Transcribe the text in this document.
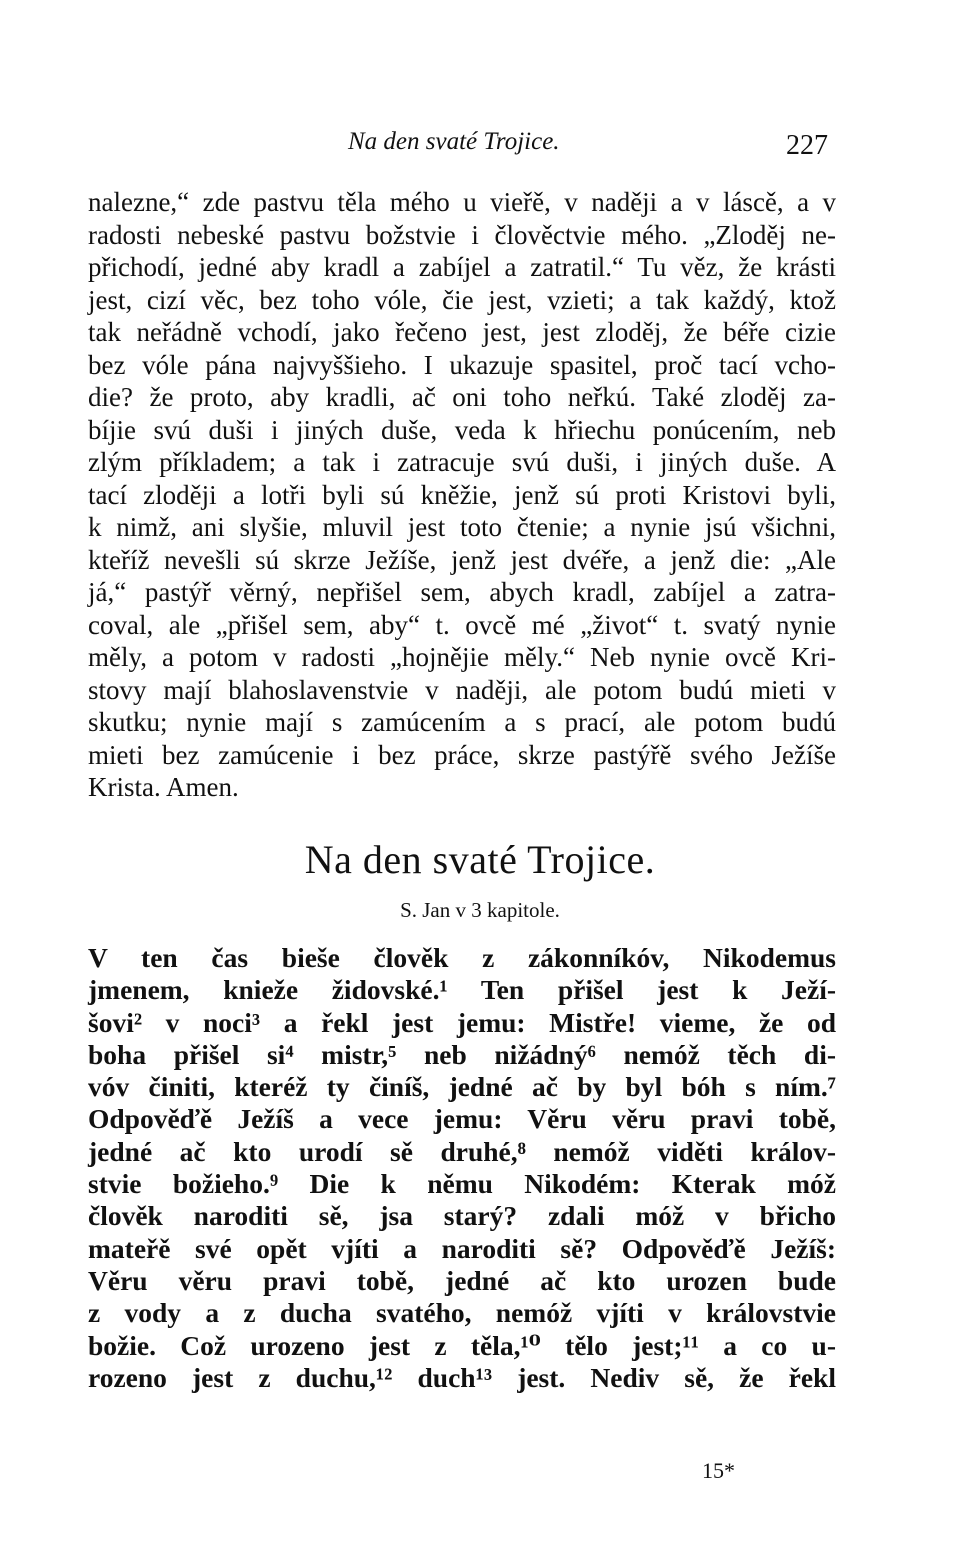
Na den svaté Trojice.	227
nalezne,“ zde pastvu těla mého u vieřě, v naději a v láscě, a v
radosti nebeské pastvu božstvie i člověctvie mého. „Zloděj ne-
přichodí, jedné aby kradl a zabíjel a zatratil.“ Tu věz, že krásti
jest, cizí věc, bez toho vóle, čie jest, vzieti; a tak každý, ktož
tak neřádně vchodí, jako řečeno jest, jest zloděj, že béře cizie
bez vóle pána najvyššieho. I ukazuje spasitel, proč tací vcho-
die? že proto, aby kradli, ač oni toho neřkú. Také zloděj za-
bíjie svú duši i jiných duše, veda k hřiechu ponúcením, neb
zlým příkladem; a tak i zatracuje svú duši, i jiných duše. A
tací zloději a lotři byli sú kněžie, jenž sú proti Kristovi byli,
k nimž, ani slyšie, mluvil jest toto čtenie; a nynie jsú všichni,
kteříž nevešli sú skrze Ježíše, jenž jest dvéře, a jenž die: „Ale
já,“ pastýř věrný, nepřišel sem, abych kradl, zabíjel a zatra-
coval, ale „přišel sem, aby“ t. ovcě mé „život“ t. svatý nynie
měly, a potom v radosti „hojnějie měly.“ Neb nynie ovcě Kri-
stovy mají blahoslavenstvie v naději, ale potom budú mieti v
skutku; nynie mají s zamúcením a s prací, ale potom budú
mieti bez zamúcenie i bez práce, skrze pastýřě svého Ježíše
Krista. Amen.
Na den svaté Trojice.
S. Jan v 3 kapitole.
V ten čas bieše člověk z zákonníkóv, Nikodemus
jmenem, knieže židovské.¹ Ten přišel jest k Ježí-
šovi² v noci³ a řekl jest jemu: Mistře! vieme, že od
boha přišel si⁴ mistr,⁵ neb nižádný⁶ nemóž těch di-
vóv činiti, kteréž ty činíš, jedné ač by byl bóh s ním.⁷
Odpověďě Ježíš a vece jemu: Věru věru pravi tobě,
jedné ač kto urodí sě druhé,⁸ nemóž viděti králov-
stvie božieho.⁹ Die k němu Nikodém: Kterak móž
člověk naroditi sě, jsa starý? zdali móž v břicho
mateřě své opět vjíti a naroditi sě? Odpověďě Ježíš:
Věru věru pravi tobě, jedné ač kto urozen bude
z vody a z ducha svatého, nemóž vjíti v královstvie
božie. Což urozeno jest z těla,¹⁰ tělo jest;¹¹ a co u-
rozeno jest z duchu,¹² duch¹³ jest. Nediv sě, že řekl
15*
